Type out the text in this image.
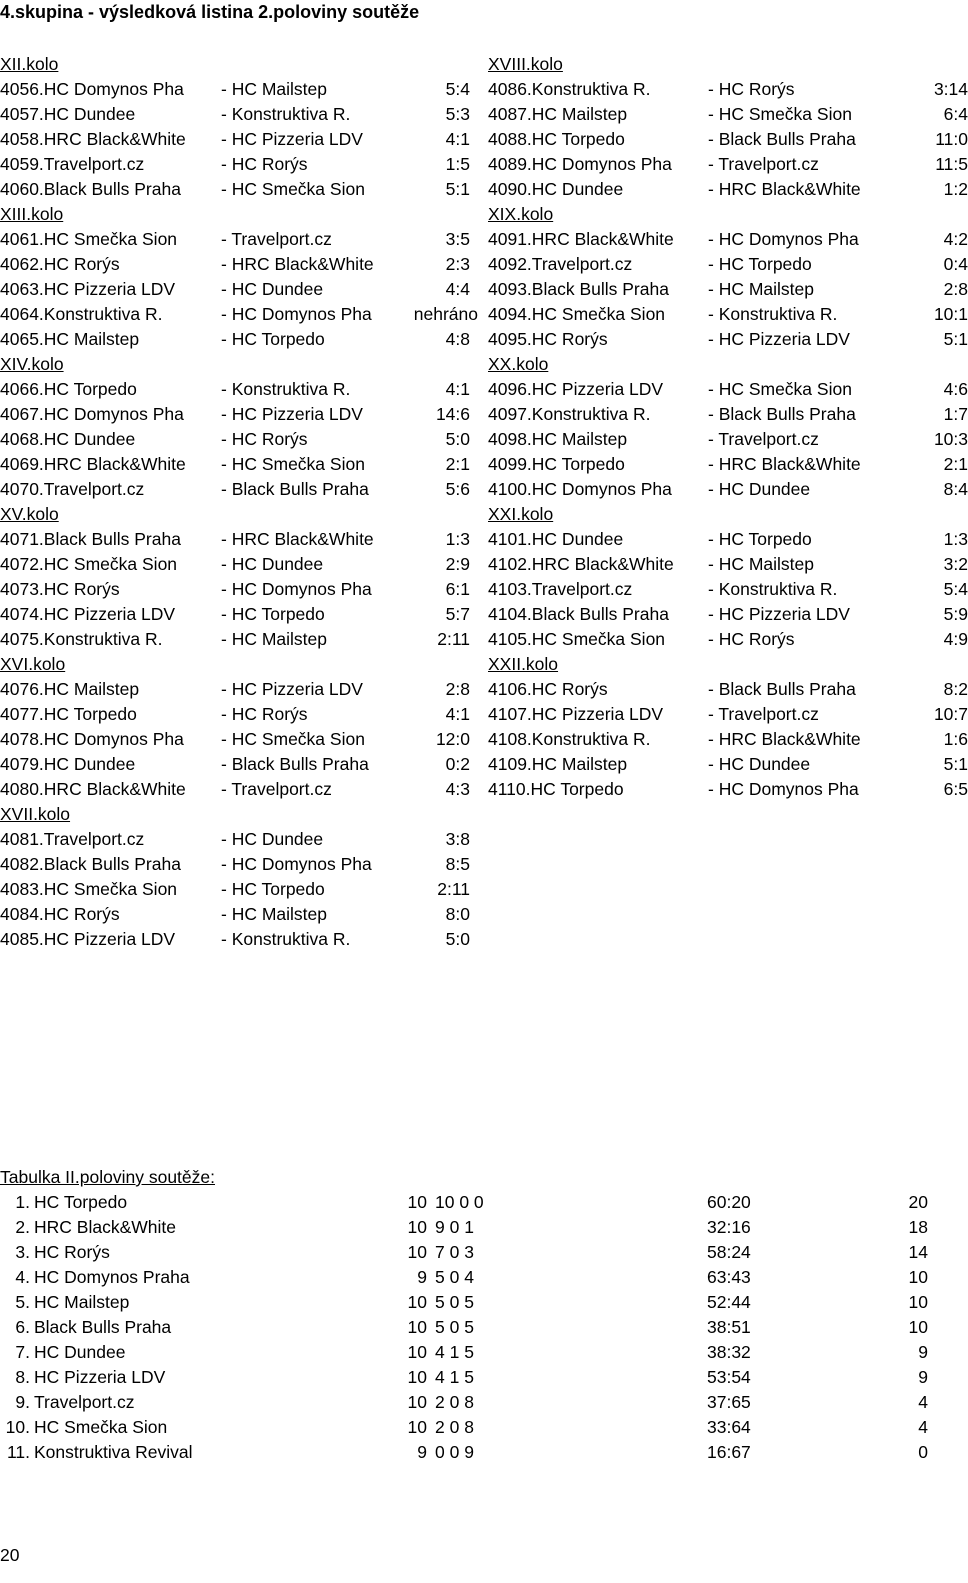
4.skupina - výsledková listina 2.poloviny soutěže
XII.kolo
4056.HC Domynos Pha - HC Mailstep	5:4
4057.HC Dundee	- Konstruktiva R.	5:3
4058.HRC Black&White - HC Pizzeria LDV	4:1
4059.Travelport.cz	- HC Rorýs	1:5
4060.Black Bulls Praha - HC Smečka Sion	5:1
XIII.kolo
4061.HC Smečka Sion	- Travelport.cz	3:5
4062.HC Rorýs	- HRC Black&White	2:3
4063.HC Pizzeria LDV	- HC Dundee	4:4
4064.Konstruktiva R.	- HC Domynos Pha nehráno
4065.HC Mailstep	- HC Torpedo	4:8
XIV.kolo
4066.HC Torpedo	- Konstruktiva R.	4:1
4067.HC Domynos Pha - HC Pizzeria LDV	14:6
4068.HC Dundee	- HC Rorýs	5:0
4069.HRC Black&White - HC Smečka Sion	2:1
4070.Travelport.cz	- Black Bulls Praha	5:6
XV.kolo
4071.Black Bulls Praha - HRC Black&White	1:3
4072.HC Smečka Sion	- HC Dundee	2:9
4073.HC Rorýs	- HC Domynos Pha	6:1
4074.HC Pizzeria LDV	- HC Torpedo	5:7
4075.Konstruktiva R.	- HC Mailstep	2:11
XVI.kolo
4076.HC Mailstep	- HC Pizzeria LDV	2:8
4077.HC Torpedo	- HC Rorýs	4:1
4078.HC Domynos Pha - HC Smečka Sion	12:0
4079.HC Dundee	- Black Bulls Praha	0:2
4080.HRC Black&White - Travelport.cz	4:3
XVII.kolo
4081.Travelport.cz	- HC Dundee	3:8
4082.Black Bulls Praha - HC Domynos Pha	8:5
4083.HC Smečka Sion	- HC Torpedo	2:11
4084.HC Rorýs	- HC Mailstep	8:0
4085.HC Pizzeria LDV	- Konstruktiva R.	5:0
XVIII.kolo
4086.Konstruktiva R.	- HC Rorýs	3:14
4087.HC Mailstep	- HC Smečka Sion	6:4
4088.HC Torpedo	- Black Bulls Praha	11:0
4089.HC Domynos Pha - Travelport.cz	11:5
4090.HC Dundee	- HRC Black&White	1:2
XIX.kolo
4091.HRC Black&White - HC Domynos Pha	4:2
4092.Travelport.cz	- HC Torpedo	0:4
4093.Black Bulls Praha - HC Mailstep	2:8
4094.HC Smečka Sion - Konstruktiva R.	10:1
4095.HC Rorýs	- HC Pizzeria LDV	5:1
XX.kolo
4096.HC Pizzeria LDV	- HC Smečka Sion	4:6
4097.Konstruktiva R.	- Black Bulls Praha	1:7
4098.HC Mailstep	- Travelport.cz	10:3
4099.HC Torpedo	- HRC Black&White	2:1
4100.HC Domynos Pha - HC Dundee	8:4
XXI.kolo
4101.HC Dundee	- HC Torpedo	1:3
4102.HRC Black&White - HC Mailstep	3:2
4103.Travelport.cz	- Konstruktiva R.	5:4
4104.Black Bulls Praha - HC Pizzeria LDV	5:9
4105.HC Smečka Sion - HC Rorýs	4:9
XXII.kolo
4106.HC Rorýs	- Black Bulls Praha	8:2
4107.HC Pizzeria LDV	- Travelport.cz	10:7
4108.Konstruktiva R.	- HRC Black&White	1:6
4109.HC Mailstep	- HC Dundee	5:1
4110.HC Torpedo	- HC Domynos Pha	6:5
Tabulka II.poloviny soutěže:
1. HC Torpedo	10 10 0 0	60:20	20
2. HRC Black&White	10 9 0 1	32:16	18
3. HC Rorýs	10 7 0 3	58:24	14
4. HC Domynos Praha	9 5 0 4	63:43	10
5. HC Mailstep	10 5 0 5	52:44	10
6. Black Bulls Praha	10 5 0 5	38:51	10
7. HC Dundee	10 4 1 5	38:32	9
8. HC Pizzeria LDV	10 4 1 5	53:54	9
9. Travelport.cz	10 2 0 8	37:65	4
10. HC Smečka Sion	10 2 0 8	33:64	4
11. Konstruktiva Revival	9 0 0 9	16:67	0
20
